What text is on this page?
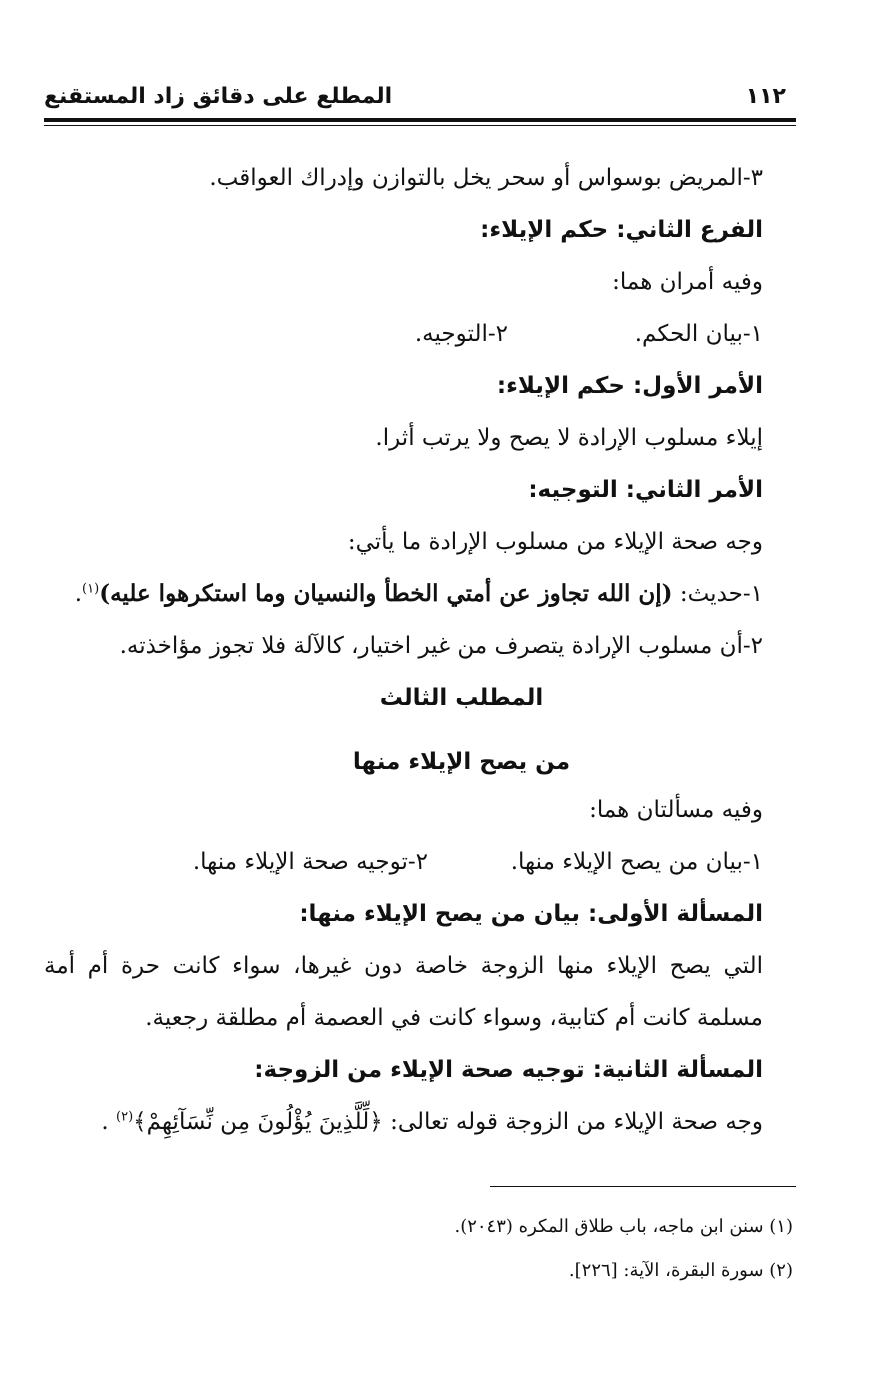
١١٢
المطلع على دقائق زاد المستقنع
٣-المريض بوسواس أو سحر يخل بالتوازن وإدراك العواقب.
الفرع الثاني: حكم الإيلاء:
وفيه أمران هما:
١-بيان الحكم.
٢-التوجيه.
الأمر الأول: حكم الإيلاء:
إيلاء مسلوب الإرادة لا يصح ولا يرتب أثرا.
الأمر الثاني: التوجيه:
وجه صحة الإيلاء من مسلوب الإرادة ما يأتي:
١-حديث: (إن الله تجاوز عن أمتي الخطأ والنسيان وما استكرهوا عليه)$^{(١)}$.
٢-أن مسلوب الإرادة يتصرف من غير اختيار، كالآلة فلا تجوز مؤاخذته.
المطلب الثالث
من يصح الإيلاء منها
وفيه مسألتان هما:
١-بيان من يصح الإيلاء منها.
٢-توجيه صحة الإيلاء منها.
المسألة الأولى: بيان من يصح الإيلاء منها:
التي يصح الإيلاء منها الزوجة خاصة دون غيرها، سواء كانت حرة أم أمة مسلمة كانت أم كتابية، وسواء كانت في العصمة أم مطلقة رجعية.
المسألة الثانية: توجيه صحة الإيلاء من الزوجة:
وجه صحة الإيلاء من الزوجة قوله تعالى: ﴿لِّلَّذِينَ يُؤْلُونَ مِن نِّسَآئِهِمْ﴾$^{(٢)}$ .
(١) سنن ابن ماجه، باب طلاق المكره (٢٠٤٣).
(٢) سورة البقرة، الآية: [٢٢٦].
